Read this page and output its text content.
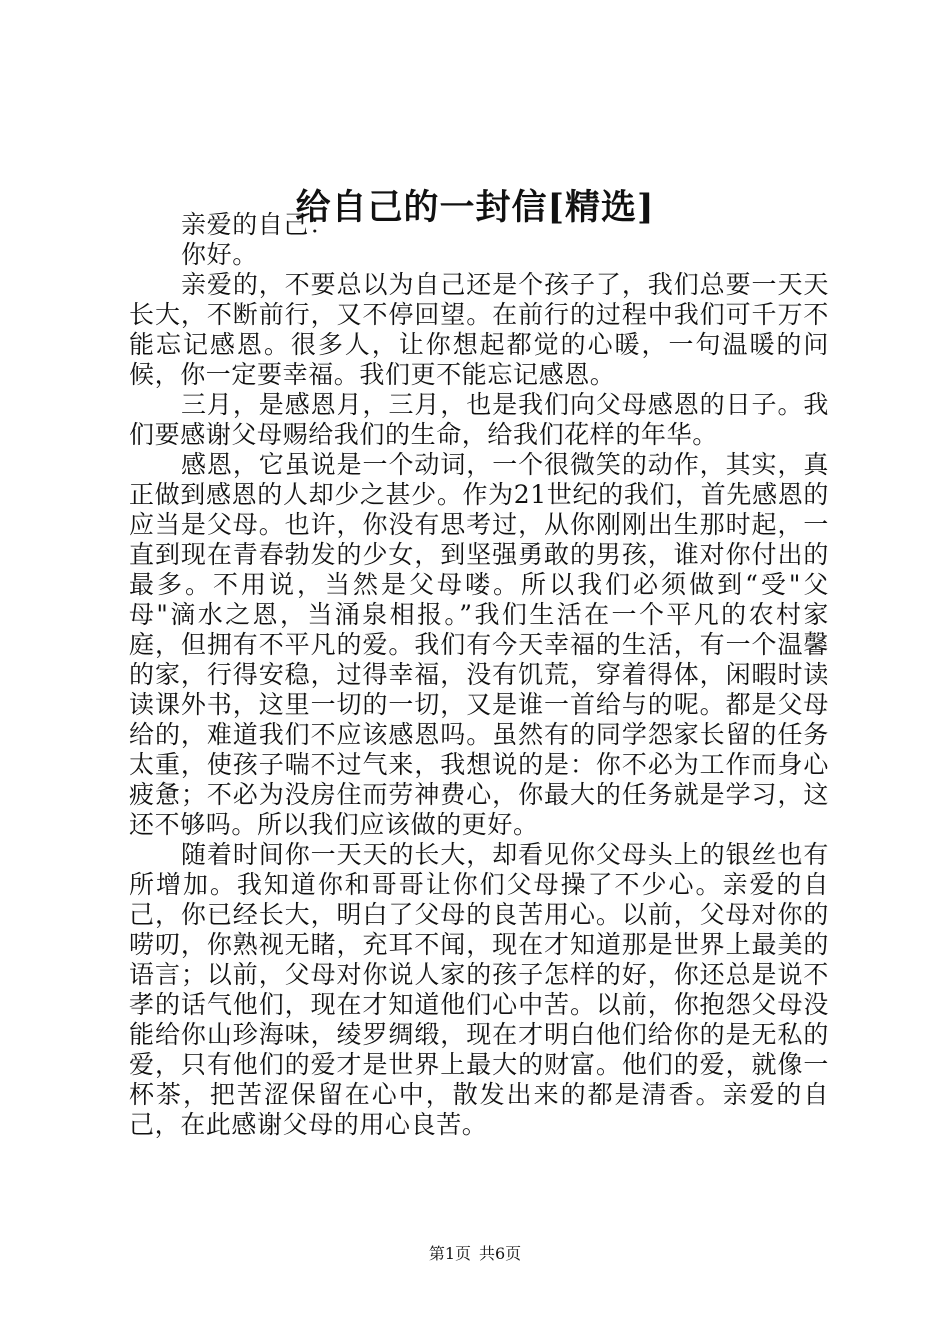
给自己的一封信[精选]

亲爱的自己：

你好。

亲爱的，不要总以为自己还是个孩子了，我们总要一天天长大，不断前行，又不停回望。在前行的过程中我们可千万不能忘记感恩。很多人，让你想起都觉的心暖，一句温暖的问候，你一定要幸福。我们更不能忘记感恩。

三月，是感恩月，三月，也是我们向父母感恩的日子。我们要感谢父母赐给我们的生命，给我们花样的年华。

感恩，它虽说是一个动词，一个很微笑的动作，其实，真正做到感恩的人却少之甚少。作为21世纪的我们，首先感恩的应当是父母。也许，你没有思考过，从你刚刚出生那时起，一直到现在青春勃发的少女，到坚强勇敢的男孩，谁对你付出的最多。不用说，当然是父母喽。所以我们必须做到“受"父母"滴水之恩，当涌泉相报。”我们生活在一个平凡的农村家庭，但拥有不平凡的爱。我们有今天幸福的生活，有一个温馨的家，行得安稳，过得幸福，没有饥荒，穿着得体，闲暇时读读课外书，这里一切的一切，又是谁一首给与的呢。都是父母给的，难道我们不应该感恩吗。虽然有的同学怨家长留的任务太重，使孩子喘不过气来，我想说的是：你不必为工作而身心疲惫；不必为没房住而劳神费心，你最大的任务就是学习，这还不够吗。所以我们应该做的更好。

随着时间你一天天的长大，却看见你父母头上的银丝也有所增加。我知道你和哥哥让你们父母操了不少心。亲爱的自己，你已经长大，明白了父母的良苦用心。以前，父母对你的唠叨，你熟视无睹，充耳不闻，现在才知道那是世界上最美的语言；以前，父母对你说人家的孩子怎样的好，你还总是说不孝的话气他们，现在才知道他们心中苦。以前，你抱怨父母没能给你山珍海味，绫罗绸缎，现在才明白他们给你的是无私的爱，只有他们的爱才是世界上最大的财富。他们的爱，就像一杯茶，把苦涩保留在心中，散发出来的都是清香。亲爱的自己，在此感谢父母的用心良苦。

第1页 共6页
